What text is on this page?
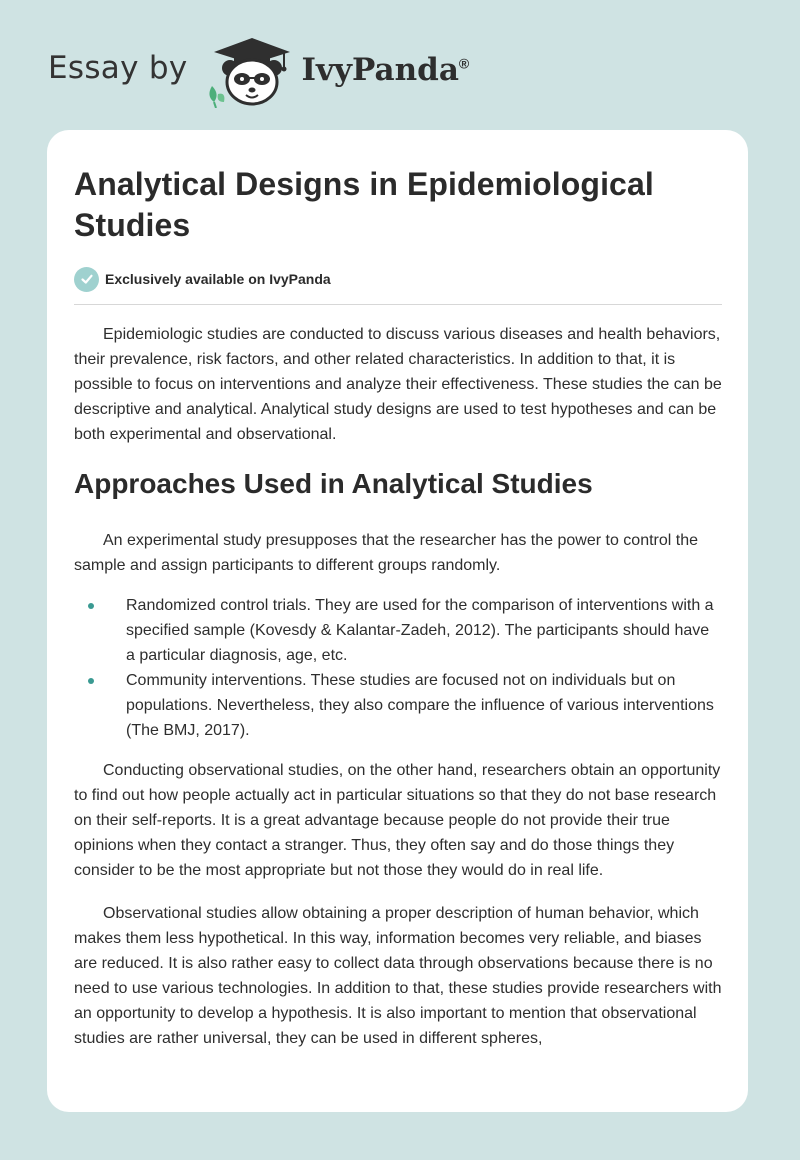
Essay by	IvyPanda®
Analytical Designs in Epidemiological Studies
Exclusively available on IvyPanda

Epidemiologic studies are conducted to discuss various diseases and health behaviors, their prevalence, risk factors, and other related characteristics. In addition to that, it is possible to focus on interventions and analyze their effectiveness. These studies the can be descriptive and analytical. Analytical study designs are used to test hypotheses and can be both experimental and observational.

Approaches Used in Analytical Studies

An experimental study presupposes that the researcher has the power to control the sample and assign participants to different groups randomly.

Randomized control trials. They are used for the comparison of interventions with a specified sample (Kovesdy & Kalantar-Zadeh, 2012). The participants should have a particular diagnosis, age, etc.
Community interventions. These studies are focused not on individuals but on populations. Nevertheless, they also compare the influence of various interventions (The BMJ, 2017).

Conducting observational studies, on the other hand, researchers obtain an opportunity to find out how people actually act in particular situations so that they do not base research on their self-reports. It is a great advantage because people do not provide their true opinions when they contact a stranger. Thus, they often say and do those things they consider to be the most appropriate but not those they would do in real life.

Observational studies allow obtaining a proper description of human behavior, which makes them less hypothetical. In this way, information becomes very reliable, and biases are reduced. It is also rather easy to collect data through observations because there is no need to use various technologies. In addition to that, these studies provide researchers with an opportunity to develop a hypothesis. It is also important to mention that observational studies are rather universal, they can be used in different spheres,
